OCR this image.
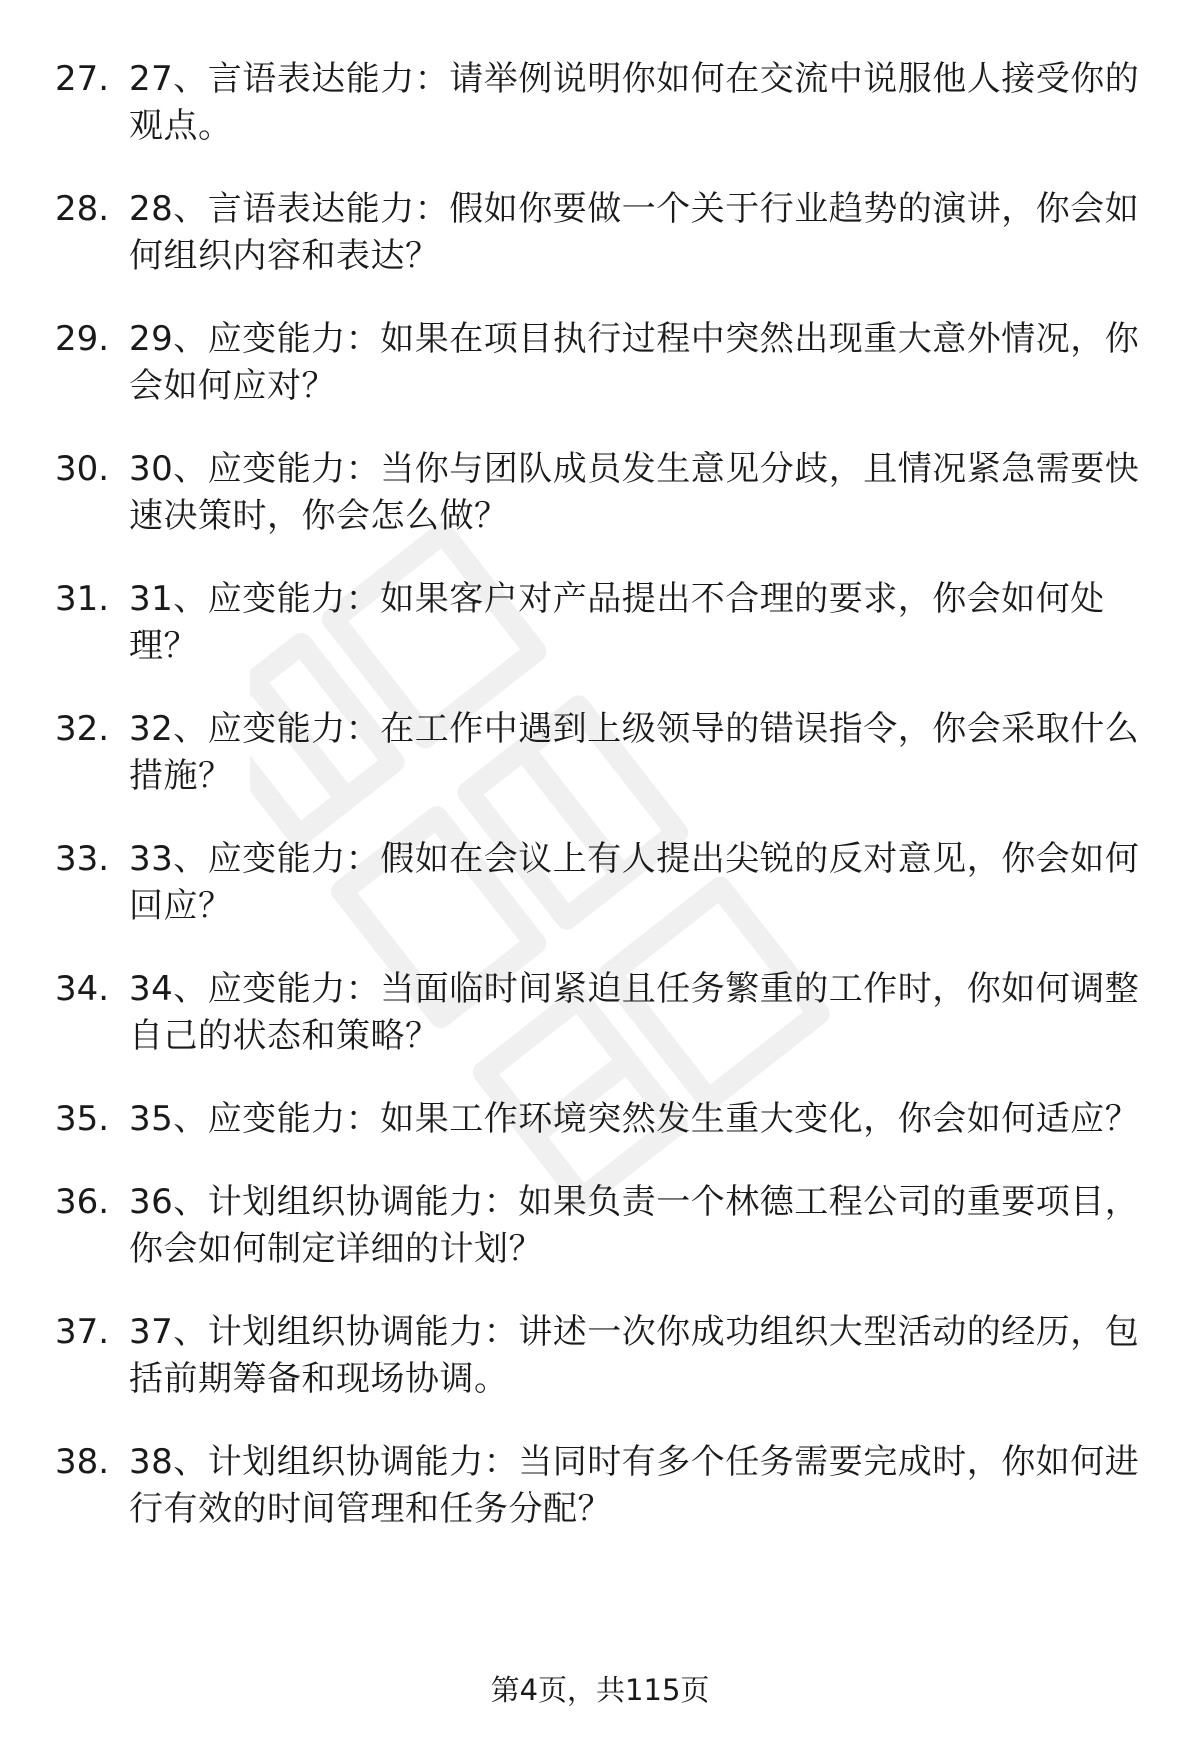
27. 27、言语表达能力：请举例说明你如何在交流中说服他人接受你的观点。
28. 28、言语表达能力：假如你要做一个关于行业趋势的演讲，你会如何组织内容和表达？
29. 29、应变能力：如果在项目执行过程中突然出现重大意外情况，你会如何应对？
30. 30、应变能力：当你与团队成员发生意见分歧，且情况紧急需要快速决策时，你会怎么做？
31. 31、应变能力：如果客户对产品提出不合理的要求，你会如何处理？
32. 32、应变能力：在工作中遇到上级领导的错误指令，你会采取什么措施？
33. 33、应变能力：假如在会议上有人提出尖锐的反对意见，你会如何回应？
34. 34、应变能力：当面临时间紧迫且任务繁重的工作时，你如何调整自己的状态和策略？
35. 35、应变能力：如果工作环境突然发生重大变化，你会如何适应？
36. 36、计划组织协调能力：如果负责一个林德工程公司的重要项目，你会如何制定详细的计划？
37. 37、计划组织协调能力：讲述一次你成功组织大型活动的经历，包括前期筹备和现场协调。
38. 38、计划组织协调能力：当同时有多个任务需要完成时，你如何进行有效的时间管理和任务分配？
第4页，共115页
